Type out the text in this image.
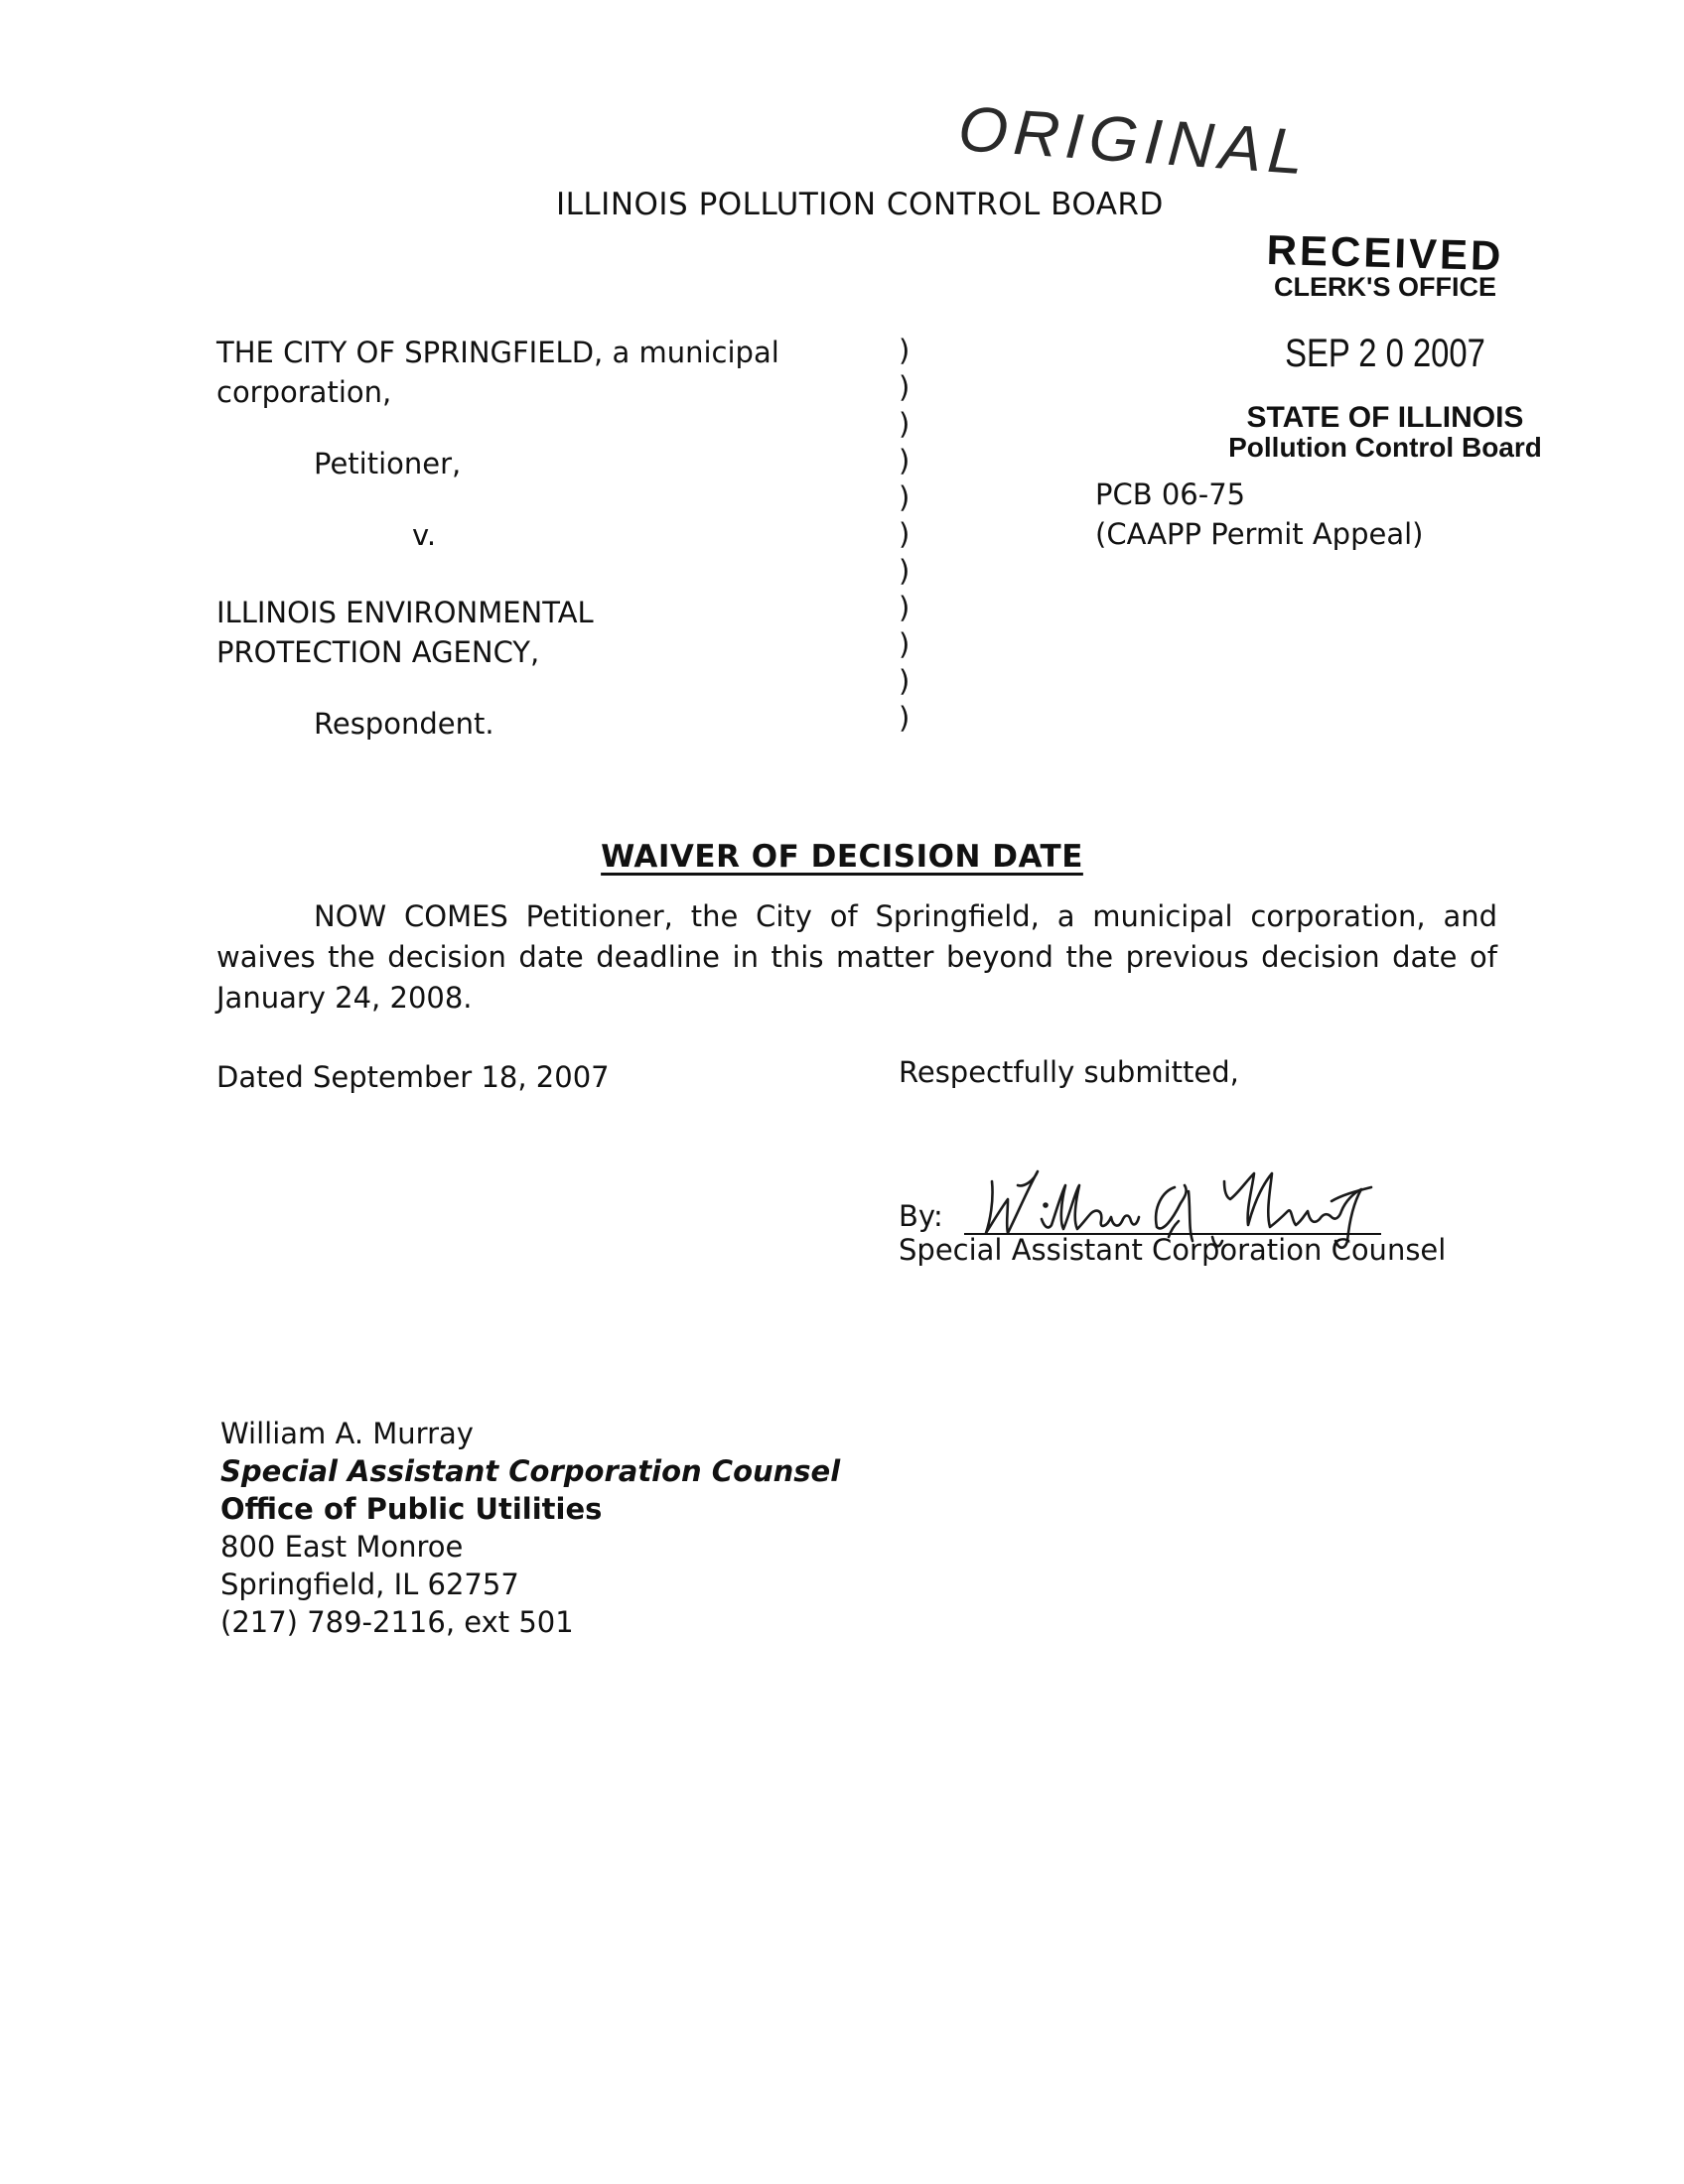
ORIGINAL
ILLINOIS POLLUTION CONTROL BOARD
RECEIVED
CLERK'S OFFICE
SEP 2 0 2007
STATE OF ILLINOIS
Pollution Control Board
THE CITY OF SPRINGFIELD, a municipal
corporation,
Petitioner,
v.
ILLINOIS ENVIRONMENTAL
PROTECTION AGENCY,
Respondent.
)
)
)
)
)
)
)
)
)
)
)
PCB 06-75
(CAAPP Permit Appeal)
WAIVER OF DECISION DATE
NOW COMES Petitioner, the City of Springfield, a municipal corporation, and waives the decision date deadline in this matter beyond the previous decision date of January 24, 2008.
Dated September 18, 2007	Respectfully submitted,
By:
Special Assistant Corporation Counsel
William A. Murray
Special Assistant Corporation Counsel
Office of Public Utilities
800 East Monroe
Springfield, IL 62757
(217) 789-2116, ext 501
